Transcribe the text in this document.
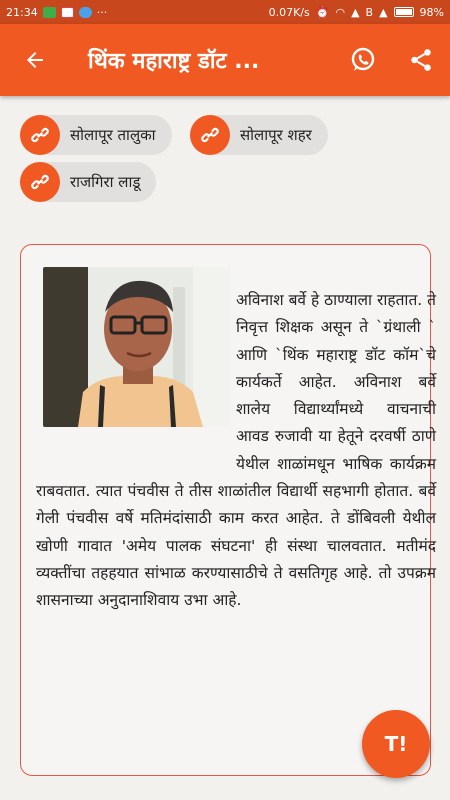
21:34	···	0.07K/s ⏰ ◠ ▲ B ▲	98%
थिंक महाराष्ट्र डॉट ...
सोलापूर तालुका	सोलापूर शहर
राजगिरा लाडू
अविनाश बर्वे हे ठाण्याला राहतात. ते निवृत्त शिक्षक असून ते `ग्रंथाली ` आणि `थिंक महाराष्ट्र डॉट कॉम`चे कार्यकर्ते आहेत. अविनाश बर्वे शालेय विद्यार्थ्यांमध्ये वाचनाची आवड रुजावी या हेतूने दरवर्षी ठाणे येथील शाळांमधून भाषिक कार्यक्रम राबवतात. त्यात पंचवीस ते तीस शाळांतील विद्यार्थी सहभागी होतात. बर्वे गेली पंचवीस वर्षे मतिमंदांसाठी काम करत आहेत. ते डोंबिवली येथील खोणी गावात 'अमेय पालक संघटना' ही संस्था चालवतात. मतीमंद व्यक्तींचा तहहयात सांभाळ करण्यासाठीचे ते वसतिगृह आहे. तो उपक्रम शासनाच्या अनुदानाशिवाय उभा आहे.
T!
